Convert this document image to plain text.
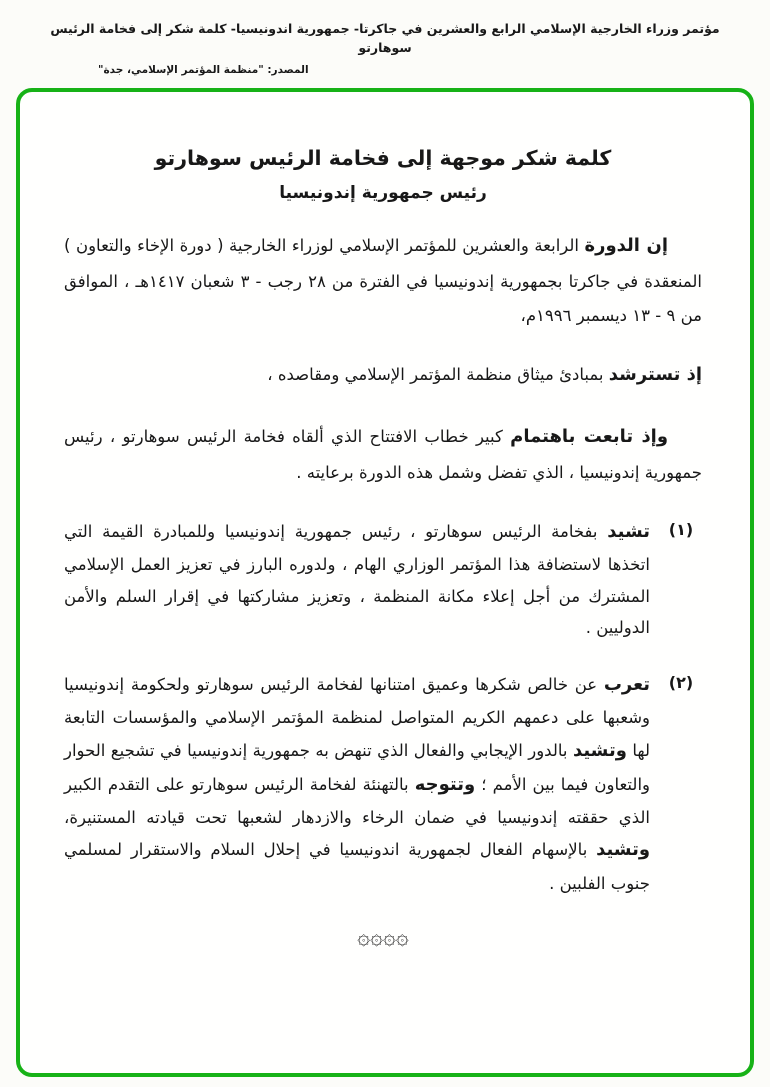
مؤتمر وزراء الخارجية الإسلامي الرابع والعشرين في جاكرتا- جمهورية اندونيسيا- كلمة شكر إلى فخامة الرئيس سوهارتو
المصدر: "منظمة المؤتمر الإسلامي، جدة"
كلمة شكر موجهة إلى فخامة الرئيس سوهارتو
رئيس جمهورية إندونيسيا

إن الدورة الرابعة والعشرين للمؤتمر الإسلامي لوزراء الخارجية ( دورة الإخاء والتعاون ) المنعقدة في جاكرتا بجمهورية إندونيسيا في الفترة من ٢٨ رجب - ٣ شعبان ١٤١٧هـ ، الموافق من ٩ - ١٣ ديسمبر ١٩٩٦م،

إذ تسترشد بمبادئ ميثاق منظمة المؤتمر الإسلامي ومقاصده ،

وإذ تابعت باهتمام كبير خطاب الافتتاح الذي ألقاه فخامة الرئيس سوهارتو ، رئيس جمهورية إندونيسيا ، الذي تفضل وشمل هذه الدورة برعايته .

(١)
تشيد بفخامة الرئيس سوهارتو ، رئيس جمهورية إندونيسيا وللمبادرة القيمة التي اتخذها لاستضافة هذا المؤتمر الوزاري الهام ، ولدوره البارز في تعزيز العمل الإسلامي المشترك من أجل إعلاء مكانة المنظمة ، وتعزيز مشاركتها في إقرار السلم والأمن الدوليين .
(٢)
تعرب عن خالص شكرها وعميق امتنانها لفخامة الرئيس سوهارتو ولحكومة إندونيسيا وشعبها على دعمهم الكريم المتواصل لمنظمة المؤتمر الإسلامي والمؤسسات التابعة لها وتشيد بالدور الإيجابي والفعال الذي تنهض به جمهورية إندونيسيا في تشجيع الحوار والتعاون فيما بين الأمم ؛ وتتوجه بالتهنئة لفخامة الرئيس سوهارتو على التقدم الكبير الذي حققته إندونيسيا في ضمان الرخاء والازدهار لشعبها تحت قيادته المستنيرة، وتشيد بالإسهام الفعال لجمهورية اندونيسيا في إحلال السلام والاستقرار لمسلمي جنوب الفلبين .
۞۞۞۞
